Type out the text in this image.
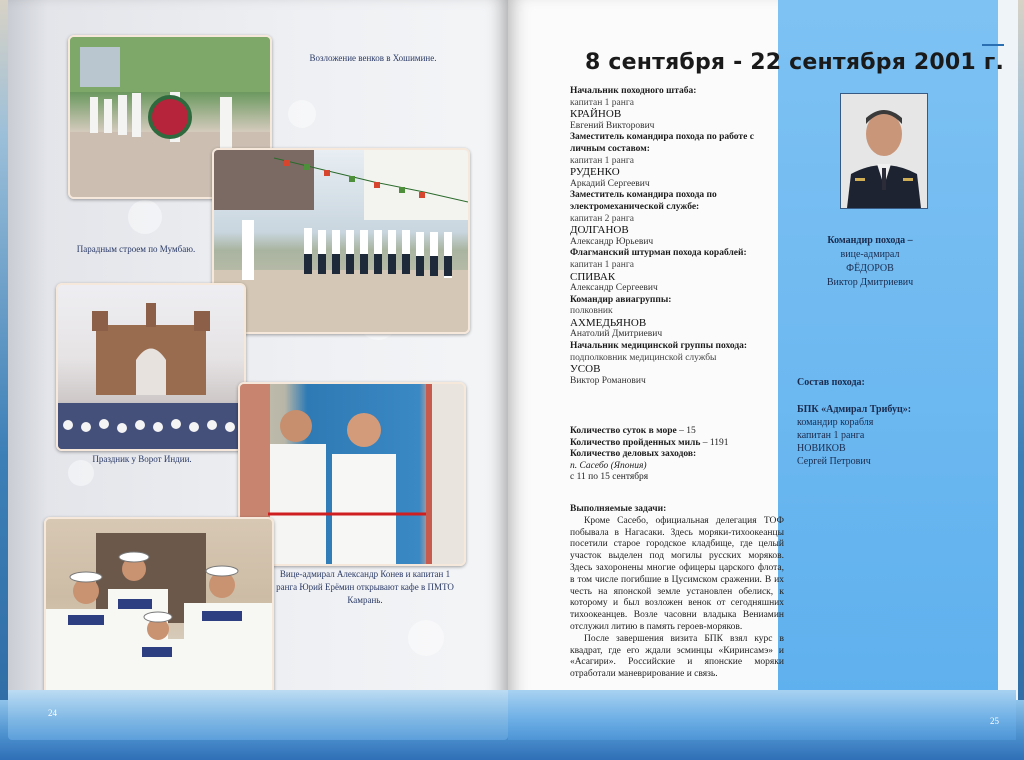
Возложение венков в Хошимине.
Парадным строем по Мумбаю.
Праздник у Ворот Индии.
Вице-адмирал Александр Конев и капитан 1 ранга Юрий Ерёмин открывают кафе в ПМТО Камрань.
8 сентября - 22 сентября 2001 г.
Начальник походного штаба:
капитан 1 ранга
КРАЙНОВ
Евгений Викторович
Заместитель командира похода по работе с личным составом:
капитан 1 ранга
РУДЕНКО
Аркадий Сергеевич
Заместитель командира похода по электромеханической службе:
капитан 2 ранга
ДОЛГАНОВ
Александр Юрьевич
Флагманский штурман похода кораблей:
капитан 1 ранга
СПИВАК
Александр Сергеевич
Командир авиагруппы:
полковник
АХМЕДЬЯНОВ
Анатолий Дмитриевич
Начальник медицинской группы похода:
подполковник медицинской службы
УСОВ
Виктор Романович
Количество суток в море – 15
Количество пройденных миль – 1191
Количество деловых заходов:
п. Сасебо (Япония)
с 11 по 15 сентября
Выполняемые задачи:

Кроме Сасебо, официальная делегация ТОФ побывала в Нагасаки. Здесь моряки-тихоокеанцы посетили старое городское кладбище, где целый участок выделен под могилы русских моряков. Здесь захоронены многие офицеры царского флота, в том числе погибшие в Цусимском сражении. В их честь на японской земле установлен обелиск, к которому и был возложен венок от сегодняшних тихоокеанцев. Возле часовни владыка Вениамин отслужил литию в память героев-моряков.

После завершения визита БПК взял курс в квадрат, где его ждали эсминцы «Киринсамэ» и «Асагири». Российские и японские моряки отработали маневрирование и связь.

Командир похода –
вице-адмирал
ФЁДОРОВ
Виктор Дмитриевич
Состав похода:
БПК «Адмирал Трибуц»:
командир корабля
капитан 1 ранга
НОВИКОВ
Сергей Петрович
24
25
